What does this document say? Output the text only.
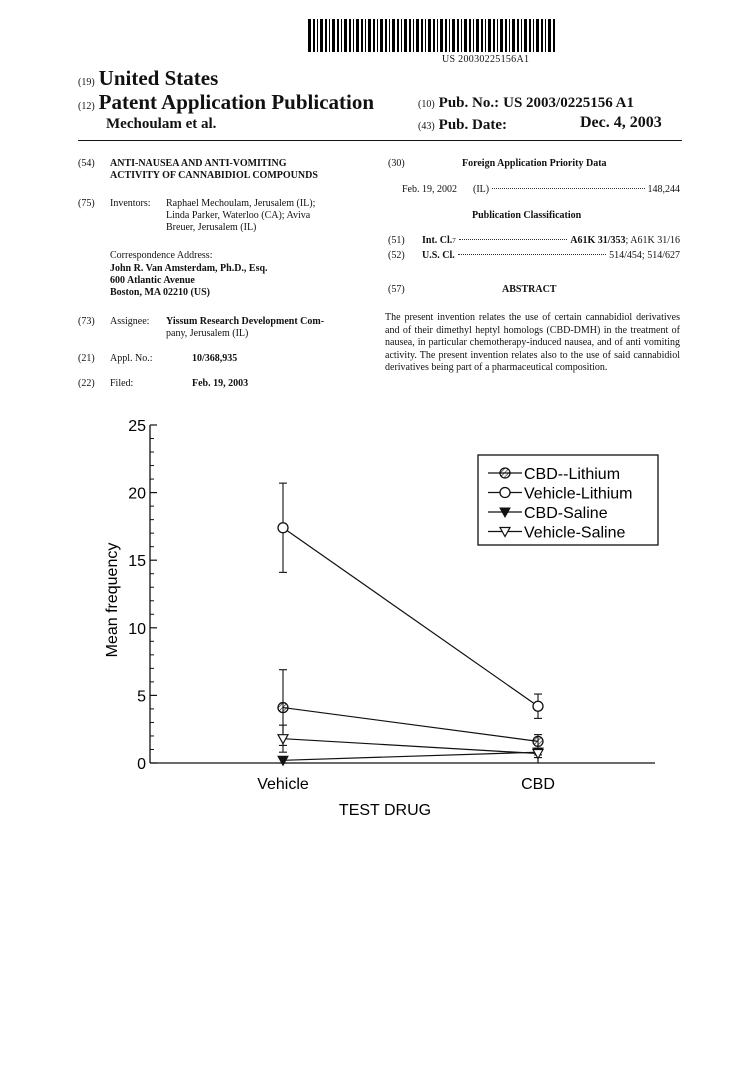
US 20030225156A1
(19) United States
(12) Patent Application Publication
Mechoulam et al.
(10) Pub. No.: US 2003/0225156 A1
(43) Pub. Date:	Dec. 4, 2003
(54) ANTI-NAUSEA AND ANTI-VOMITING
ACTIVITY OF CANNABIDIOL COMPOUNDS
(75) Inventors: Raphael Mechoulam, Jerusalem (IL);
Linda Parker, Waterloo (CA); Aviva
Breuer, Jerusalem (IL)
Correspondence Address:
John R. Van Amsterdam, Ph.D., Esq.
600 Atlantic Avenue
Boston, MA 02210 (US)
(73) Assignee: Yissum Research Development Com-
pany, Jerusalem (IL)
(21) Appl. No.:	10/368,935
(22) Filed:	Feb. 19, 2003
(30)	Foreign Application Priority Data
Feb. 19, 2002 (IL)	148,244
Publication Classification
(51) Int. Cl. 7	A61K 31/353 ; A61K 31/16
(52) U.S. Cl.	514/454; 514/627
(57)	ABSTRACT
The present invention relates the use of certain cannabidiol derivatives and of their dimethyl heptyl homologs (CBD-DMH) in the treatment of nausea, in particular chemotherapy-induced nausea, and of anti vomiting activity. The present invention relates also to the use of said cannabidiol derivatives being part of a pharmaceutical composition.
0
5
10
15
20
25
Vehicle	CBD
TEST DRUG
Mean frequency
CBD--Lithium
Vehicle-Lithium
CBD-Saline
Vehicle-Saline
